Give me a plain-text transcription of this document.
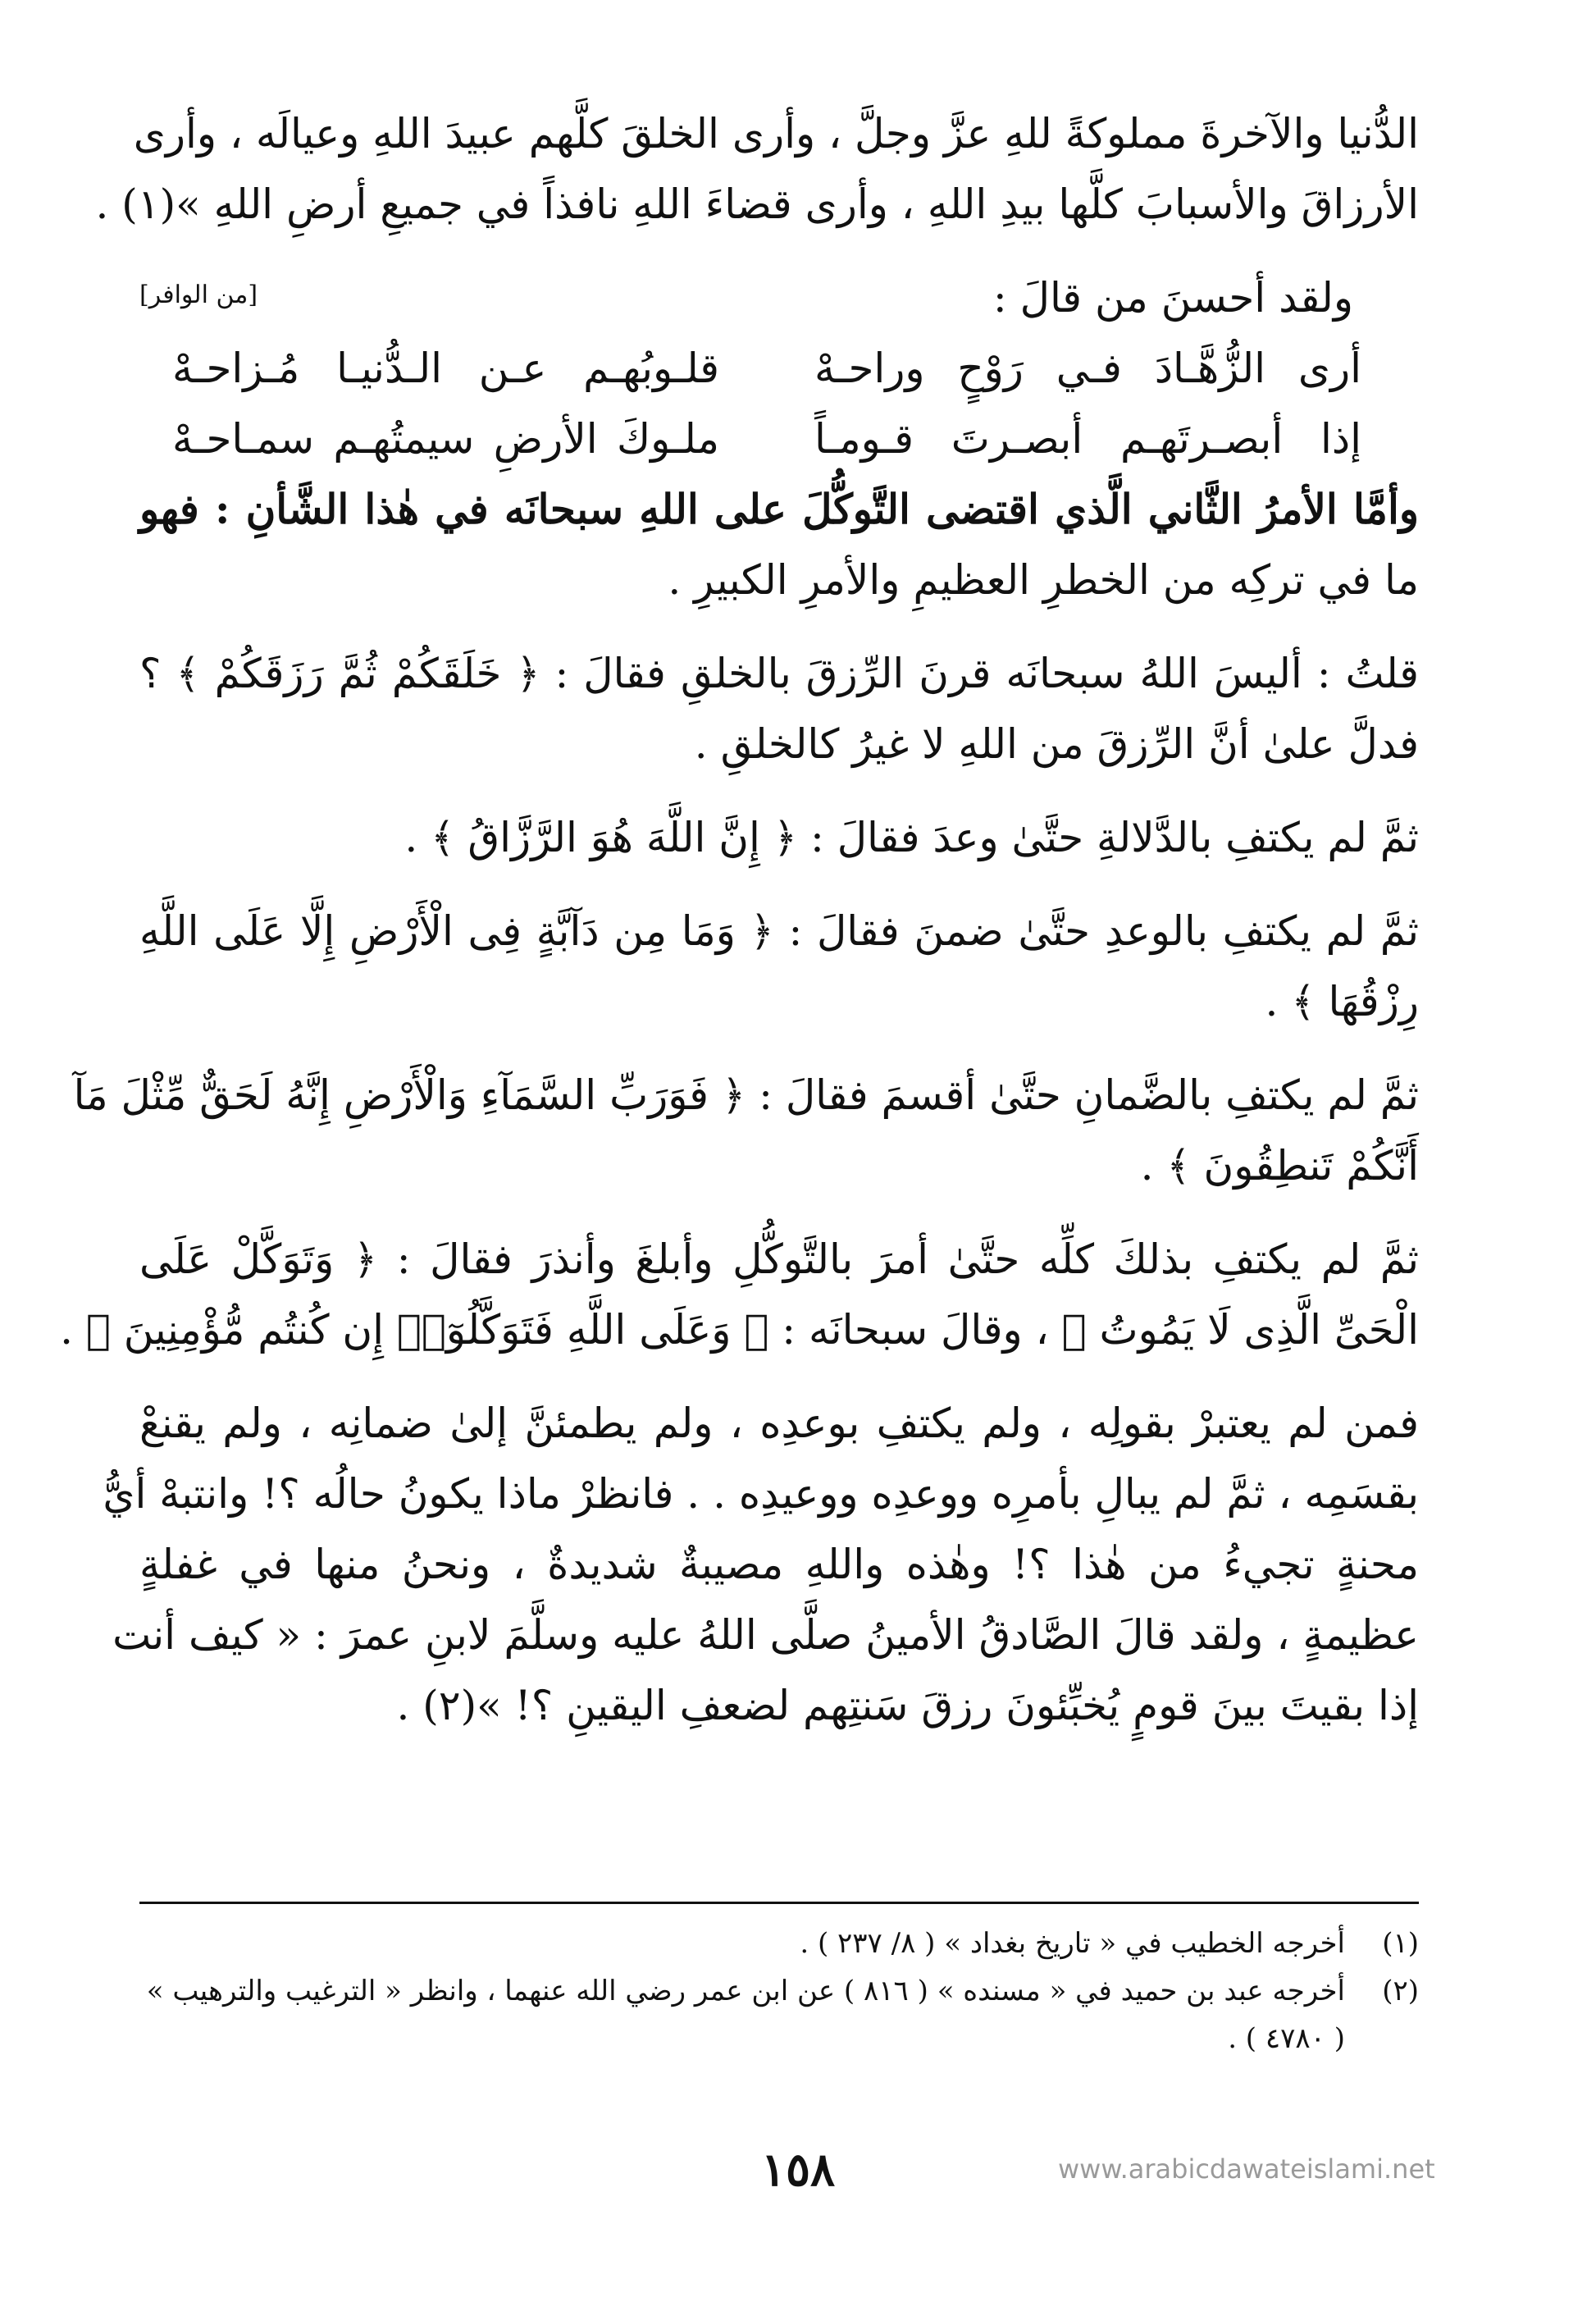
الدُّنيا والآخرةَ مملوكةً للهِ عزَّ وجلَّ ، وأرى الخلقَ كلَّهم عبيدَ اللهِ وعيالَه ، وأرى
الأرزاقَ والأسبابَ كلَّها بيدِ اللهِ ، وأرى قضاءَ اللهِ نافذاً في جميعِ أرضِ اللهِ »(١) .
ولقد أحسنَ من قالَ :
[من الوافر]
أرى الزُّهَّـادَ فـي رَوْحٍ وراحـهْ
قلـوبُهـم عـن الـدُّنيـا مُـزاحـهْ
إذا أبصـرتَهـم أبصـرتَ قـومـاً
ملـوكَ الأرضِ سيمتُهـم سمـاحـهْ
وأمَّا الأمرُ الثَّاني الَّذي اقتضى التَّوكُّلَ على اللهِ سبحانَه في هٰذا الشَّأنِ : فهو
ما في تركِه من الخطرِ العظيمِ والأمرِ الكبيرِ .
قلتُ : أليسَ اللهُ سبحانَه قرنَ الرِّزقَ بالخلقِ فقالَ : ﴿ خَلَقَكُمْ ثُمَّ رَزَقَكُمْ ﴾ ؟
فدلَّ علىٰ أنَّ الرِّزقَ من اللهِ لا غيرُ كالخلقِ .
ثمَّ لم يكتفِ بالدَّلالةِ حتَّىٰ وعدَ فقالَ : ﴿ إِنَّ اللَّهَ هُوَ الرَّزَّاقُ ﴾ .
ثمَّ لم يكتفِ بالوعدِ حتَّىٰ ضمنَ فقالَ : ﴿ وَمَا مِن دَآبَّةٍ فِى الْأَرْضِ إِلَّا عَلَى اللَّهِ
رِزْقُهَا ﴾ .
ثمَّ لم يكتفِ بالضَّمانِ حتَّىٰ أقسمَ فقالَ : ﴿ فَوَرَبِّ السَّمَآءِ وَالْأَرْضِ إِنَّهُ لَحَقٌّ مِّثْلَ مَآ
أَنَّكُمْ تَنطِقُونَ ﴾ .
ثمَّ لم يكتفِ بذلكَ كلِّه حتَّىٰ أمرَ بالتَّوكُّلِ وأبلغَ وأنذرَ فقالَ : ﴿ وَتَوَكَّلْ عَلَى
الْحَىِّ الَّذِى لَا يَمُوتُ ﴾ ، وقالَ سبحانَه : ﴿ وَعَلَى اللَّهِ فَتَوَكَّلُوٓا۟ إِن كُنتُم مُّؤْمِنِينَ ﴾ .
فمن لم يعتبرْ بقولِه ، ولم يكتفِ بوعدِه ، ولم يطمئنَّ إلىٰ ضمانِه ، ولم يقنعْ
بقسَمِه ، ثمَّ لم يبالِ بأمرِه ووعدِه ووعيدِه . . فانظرْ ماذا يكونُ حالُه ؟! وانتبهْ أيُّ
محنةٍ تجيءُ من هٰذا ؟! وهٰذه واللهِ مصيبةٌ شديدةٌ ، ونحنُ منها في غفلةٍ
عظيمةٍ ، ولقد قالَ الصَّادقُ الأمينُ صلَّى اللهُ عليه وسلَّمَ لابنِ عمرَ : « كيف أنت
إذا بقيتَ بينَ قومٍ يُخبِّئونَ رزقَ سَنتِهم لضعفِ اليقينِ ؟! »(٢) .
(١)
أخرجه الخطيب في « تاريخ بغداد » ( ٨/ ٢٣٧ ) .
(٢)
أخرجه عبد بن حميد في « مسنده » ( ٨١٦ ) عن ابن عمر رضي الله عنهما ، وانظر « الترغيب والترهيب » ( ٤٧٨٠ ) .
١٥٨	www.arabicdawateislami.net
